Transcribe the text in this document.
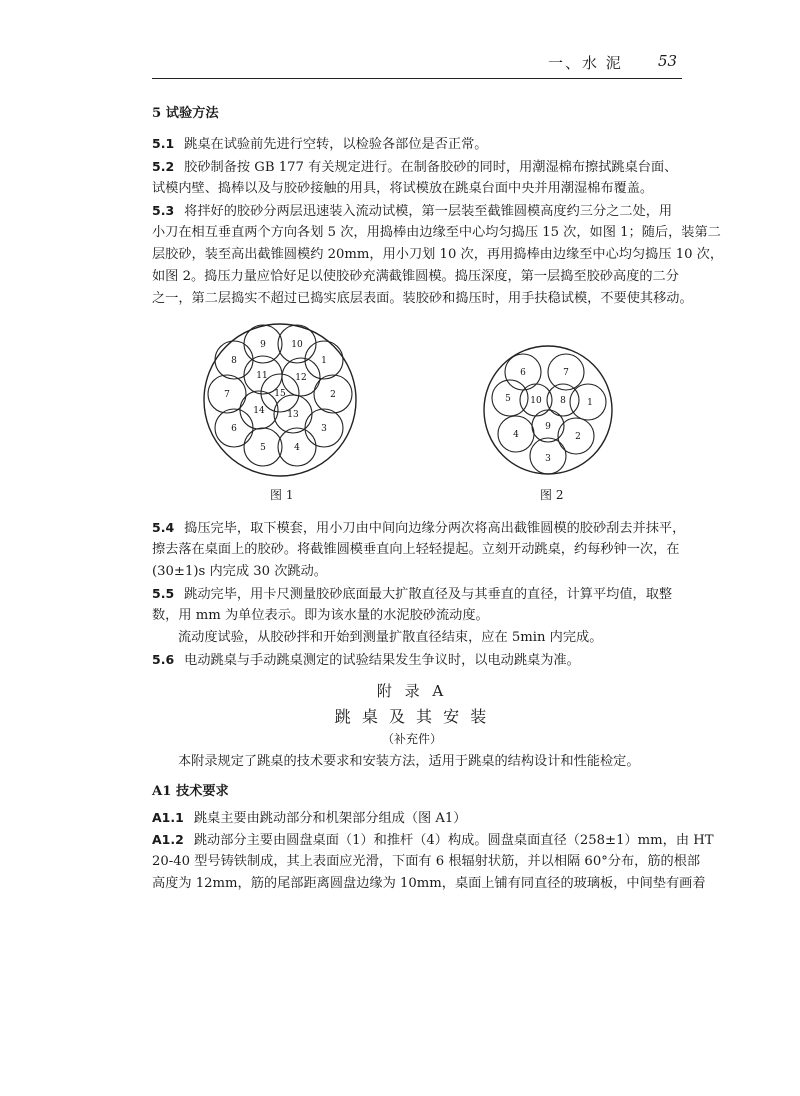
一、水 泥 53
5 试验方法
5.1 跳桌在试验前先进行空转，以检验各部位是否正常。
5.2 胶砂制备按 GB 177 有关规定进行。在制备胶砂的同时，用潮湿棉布擦拭跳桌台面、
试模内壁、捣棒以及与胶砂接触的用具，将试模放在跳桌台面中央并用潮湿棉布覆盖。
5.3 将拌好的胶砂分两层迅速装入流动试模，第一层装至截锥圆模高度约三分之二处，用
小刀在相互垂直两个方向各划 5 次，用捣棒由边缘至中心均匀捣压 15 次，如图 1；随后，装第二
层胶砂，装至高出截锥圆模约 20mm，用小刀划 10 次，再用捣棒由边缘至中心均匀捣压 10 次，
如图 2。捣压力量应恰好足以使胶砂充满截锥圆模。捣压深度，第一层捣至胶砂高度的二分
之一，第二层捣实不超过已捣实底层表面。装胶砂和捣压时，用手扶稳试模，不要使其移动。
9	10
1
2
3
4
5
6
7
8
11	12
13
14
15
图 1
6	7
5	1
4	2
3
10 8
9
图 2
5.4 捣压完毕，取下模套，用小刀由中间向边缘分两次将高出截锥圆模的胶砂刮去并抹平，
擦去落在桌面上的胶砂。将截锥圆模垂直向上轻轻提起。立刻开动跳桌，约每秒钟一次，在
(30±1)s 内完成 30 次跳动。
5.5 跳动完毕，用卡尺测量胶砂底面最大扩散直径及与其垂直的直径，计算平均值，取整
数，用 mm 为单位表示。即为该水量的水泥胶砂流动度。
流动度试验，从胶砂拌和开始到测量扩散直径结束，应在 5min 内完成。
5.6 电动跳桌与手动跳桌测定的试验结果发生争议时，以电动跳桌为准。
附 录 A
跳 桌 及 其 安 装
（补充件）
本附录规定了跳桌的技术要求和安装方法，适用于跳桌的结构设计和性能检定。
A1 技术要求
A1.1 跳桌主要由跳动部分和机架部分组成（图 A1）
A1.2 跳动部分主要由圆盘桌面（1）和推杆（4）构成。圆盘桌面直径（258±1）mm，由 HT
20-40 型号铸铁制成，其上表面应光滑，下面有 6 根辐射状筋，并以相隔 60°分布，筋的根部
高度为 12mm，筋的尾部距离圆盘边缘为 10mm，桌面上铺有同直径的玻璃板，中间垫有画着
